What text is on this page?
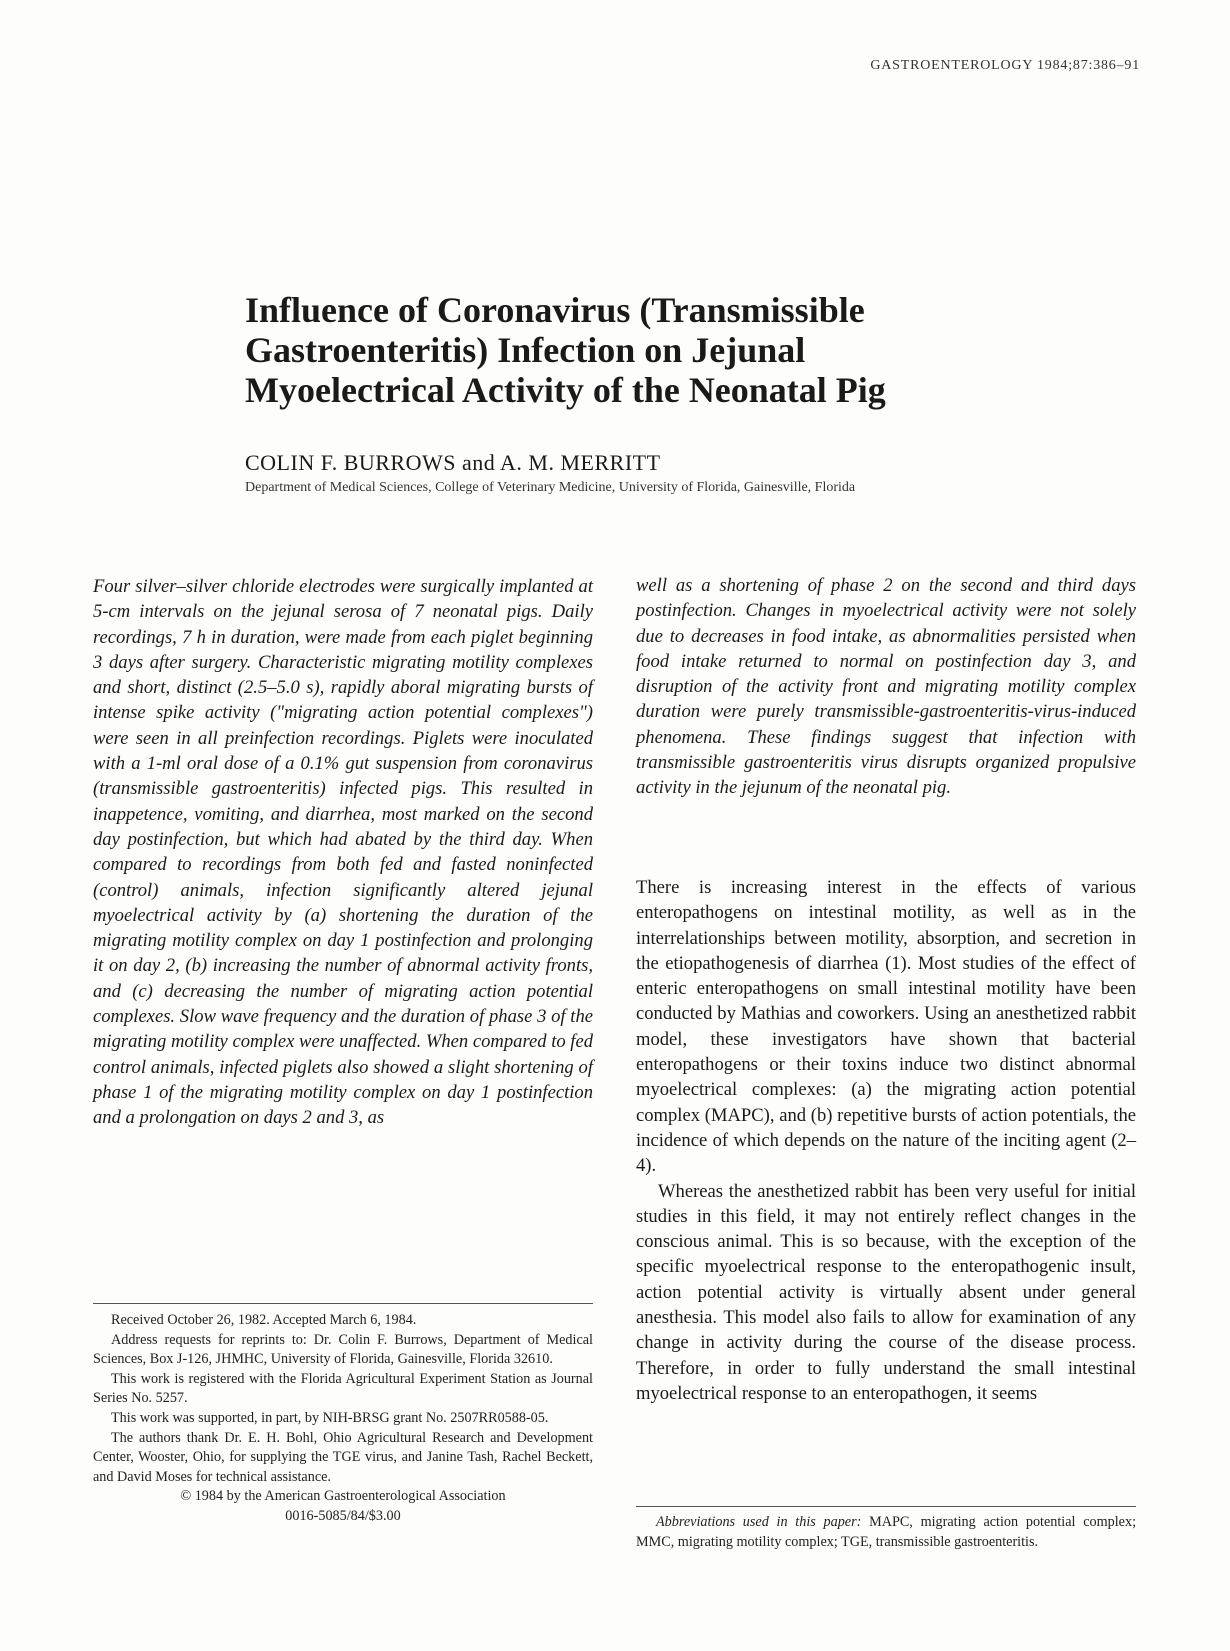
GASTROENTEROLOGY 1984;87:386–91
Influence of Coronavirus (Transmissible
Gastroenteritis) Infection on Jejunal
Myoelectrical Activity of the Neonatal Pig
COLIN F. BURROWS and A. M. MERRITT
Department of Medical Sciences, College of Veterinary Medicine, University of Florida, Gainesville, Florida

Four silver–silver chloride electrodes were surgically implanted at 5-cm intervals on the jejunal serosa of 7 neonatal pigs. Daily recordings, 7 h in duration, were made from each piglet beginning 3 days after surgery. Characteristic migrating motility complexes and short, distinct (2.5–5.0 s), rapidly aboral migrating bursts of intense spike activity ("migrating action potential complexes") were seen in all preinfection recordings. Piglets were inoculated with a 1-ml oral dose of a 0.1% gut suspension from coronavirus (transmissible gastroenteritis) infected pigs. This resulted in inappetence, vomiting, and diarrhea, most marked on the second day postinfection, but which had abated by the third day. When compared to recordings from both fed and fasted noninfected (control) animals, infection significantly altered jejunal myoelectrical activity by (a) shortening the duration of the migrating motility complex on day 1 postinfection and prolonging it on day 2, (b) increasing the number of abnormal activity fronts, and (c) decreasing the number of migrating action potential complexes. Slow wave frequency and the duration of phase 3 of the migrating motility complex were unaffected. When compared to fed control animals, infected piglets also showed a slight shortening of phase 1 of the migrating motility complex on day 1 postinfection and a prolongation on days 2 and 3, as

well as a shortening of phase 2 on the second and third days postinfection. Changes in myoelectrical activity were not solely due to decreases in food intake, as abnormalities persisted when food intake returned to normal on postinfection day 3, and disruption of the activity front and migrating motility complex duration were purely transmissible-gastroenteritis-virus-induced phenomena. These findings suggest that infection with transmissible gastroenteritis virus disrupts organized propulsive activity in the jejunum of the neonatal pig.

There is increasing interest in the effects of various enteropathogens on intestinal motility, as well as in the interrelationships between motility, absorption, and secretion in the etiopathogenesis of diarrhea (1). Most studies of the effect of enteric enteropathogens on small intestinal motility have been conducted by Mathias and coworkers. Using an anesthetized rabbit model, these investigators have shown that bacterial enteropathogens or their toxins induce two distinct abnormal myoelectrical complexes: (a) the migrating action potential complex (MAPC), and (b) repetitive bursts of action potentials, the incidence of which depends on the nature of the inciting agent (2–4).

Whereas the anesthetized rabbit has been very useful for initial studies in this field, it may not entirely reflect changes in the conscious animal. This is so because, with the exception of the specific myoelectrical response to the enteropathogenic insult, action potential activity is virtually absent under general anesthesia. This model also fails to allow for examination of any change in activity during the course of the disease process. Therefore, in order to fully understand the small intestinal myoelectrical response to an enteropathogen, it seems

Received October 26, 1982. Accepted March 6, 1984.

Address requests for reprints to: Dr. Colin F. Burrows, Department of Medical Sciences, Box J-126, JHMHC, University of Florida, Gainesville, Florida 32610.

This work is registered with the Florida Agricultural Experiment Station as Journal Series No. 5257.

This work was supported, in part, by NIH-BRSG grant No. 2507RR0588-05.

The authors thank Dr. E. H. Bohl, Ohio Agricultural Research and Development Center, Wooster, Ohio, for supplying the TGE virus, and Janine Tash, Rachel Beckett, and David Moses for technical assistance.

© 1984 by the American Gastroenterological Association

0016-5085/84/$3.00	Abbreviations used in this paper: MAPC, migrating action potential complex; MMC, migrating motility complex; TGE, transmissible gastroenteritis.
